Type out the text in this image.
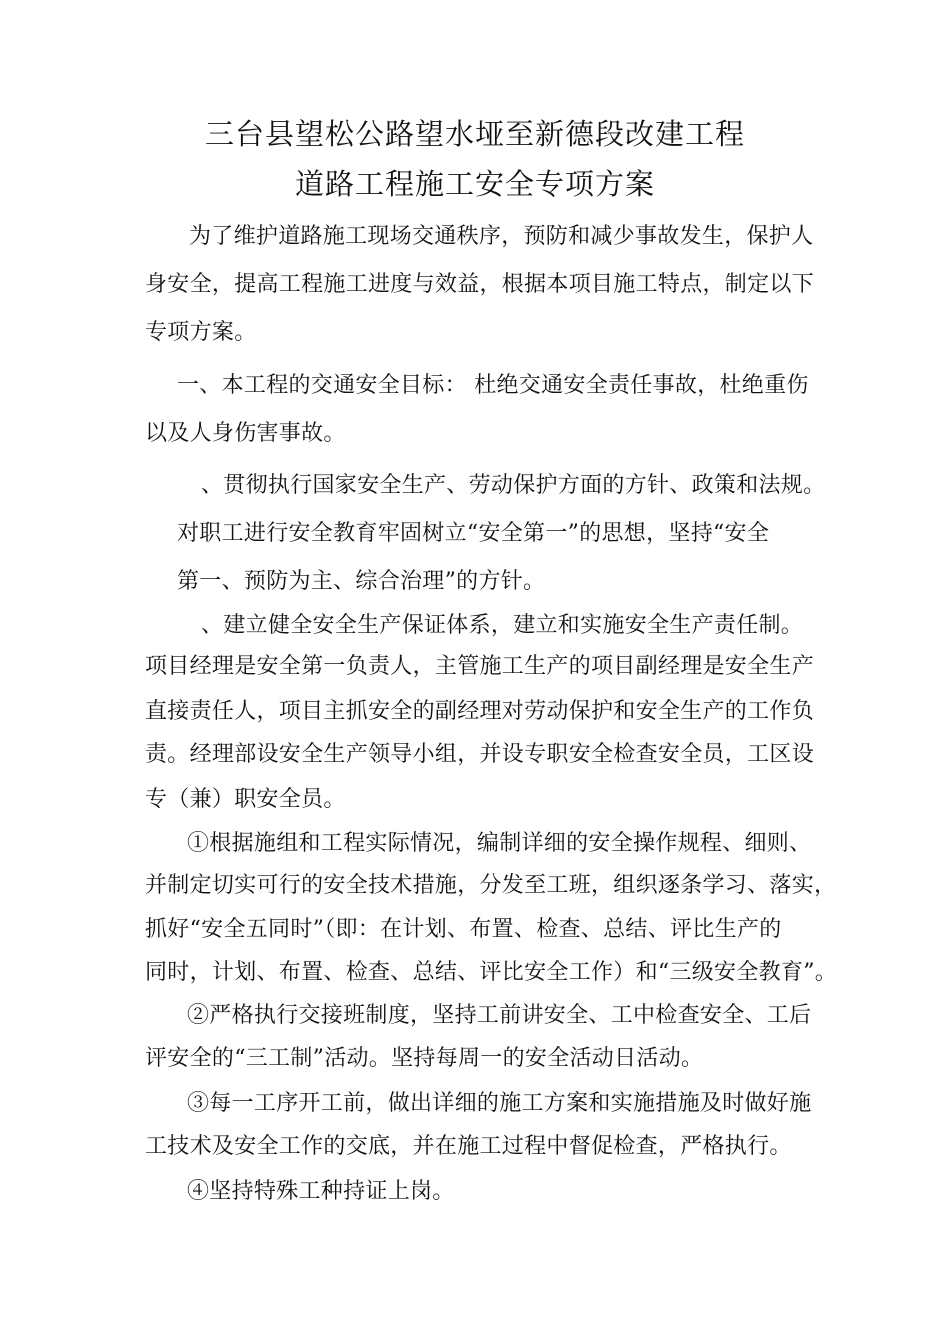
三台县望松公路望水垭至新德段改建工程
道路工程施工安全专项方案
为了维护道路施工现场交通秩序，预防和减少事故发生，保护人
身安全，提高工程施工进度与效益，根据本项目施工特点，制定以下
专项方案。
一、本工程的交通安全目标： 杜绝交通安全责任事故，杜绝重伤
以及人身伤害事故。
、贯彻执行国家安全生产、劳动保护方面的方针、政策和法规。
对职工进行安全教育牢固树立“安全第一”的思想，坚持“安全
第一、预防为主、综合治理”的方针。
、建立健全安全生产保证体系，建立和实施安全生产责任制。
项目经理是安全第一负责人，主管施工生产的项目副经理是安全生产
直接责任人，项目主抓安全的副经理对劳动保护和安全生产的工作负
责。经理部设安全生产领导小组，并设专职安全检查安全员，工区设
专（兼）职安全员。
①根据施组和工程实际情况，编制详细的安全操作规程、细则、
并制定切实可行的安全技术措施，分发至工班，组织逐条学习、落实，
抓好“安全五同时”（即：在计划、布置、检查、总结、评比生产的
同时，计划、布置、检查、总结、评比安全工作）和“三级安全教育”。
②严格执行交接班制度，坚持工前讲安全、工中检查安全、工后
评安全的“三工制”活动。坚持每周一的安全活动日活动。
③每一工序开工前，做出详细的施工方案和实施措施及时做好施
工技术及安全工作的交底，并在施工过程中督促检查，严格执行。
④坚持特殊工种持证上岗。
